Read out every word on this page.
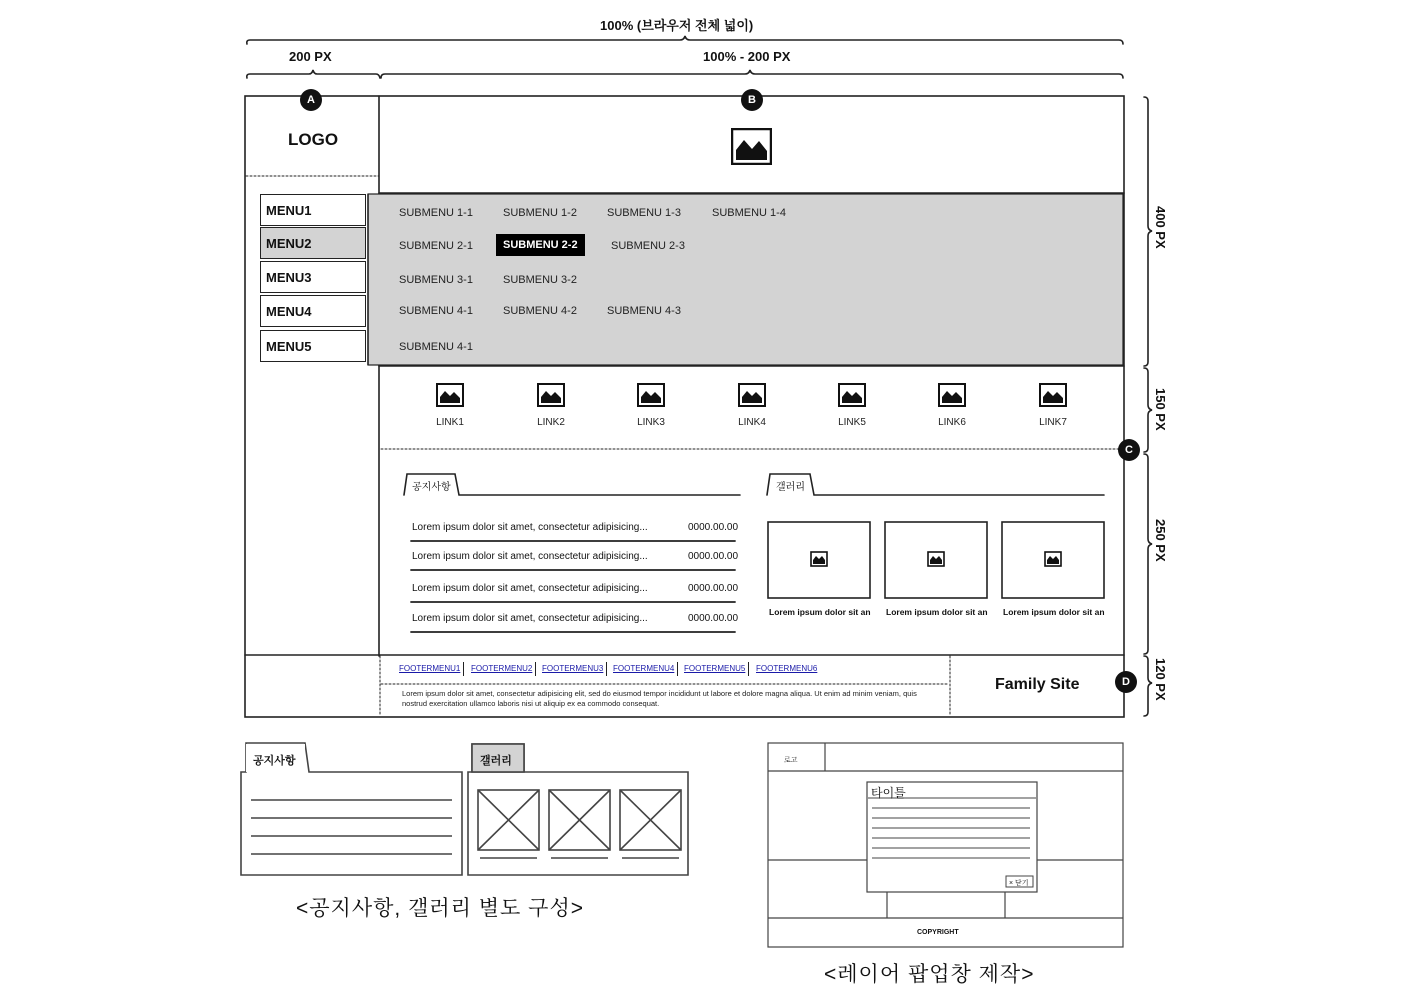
100% (브라우저 전체 넓이)
200 PX	100% - 200 PX
400 PX
150 PX
250 PX
120 PX
A	B
C
D
LOGO
MENU1
MENU2
MENU3
MENU4
MENU5
SUBMENU 1-1	SUBMENU 1-2	SUBMENU 1-3	SUBMENU 1-4
SUBMENU 2-1	SUBMENU 2-2	SUBMENU 2-3
SUBMENU 3-1	SUBMENU 3-2
SUBMENU 4-1	SUBMENU 4-2	SUBMENU 4-3
SUBMENU 4-1
LINK1	LINK2	LINK3	LINK4	LINK5	LINK6	LINK7
공지사항
Lorem ipsum dolor sit amet, consectetur adipisicing...	0000.00.00
Lorem ipsum dolor sit amet, consectetur adipisicing...	0000.00.00
Lorem ipsum dolor sit amet, consectetur adipisicing...	0000.00.00
Lorem ipsum dolor sit amet, consectetur adipisicing...	0000.00.00
갤러리
Lorem ipsum dolor sit an Lorem ipsum dolor sit an Lorem ipsum dolor sit an
FOOTERMENU1 FOOTERMENU2 FOOTERMENU3 FOOTERMENU4 FOOTERMENU5 FOOTERMENU6
Lorem ipsum dolor sit amet, consectetur adipisicing elit, sed do eiusmod tempor incididunt ut labore et dolore magna aliqua. Ut enim ad minim veniam, quis nostrud exercitation ullamco laboris nisi ut aliquip ex ea commodo consequat.
Family Site
공지사항	갤러리
<공지사항, 갤러리 별도 구성>
로고
타이틀
× 닫기
COPYRIGHT
<레이어 팝업창 제작>
